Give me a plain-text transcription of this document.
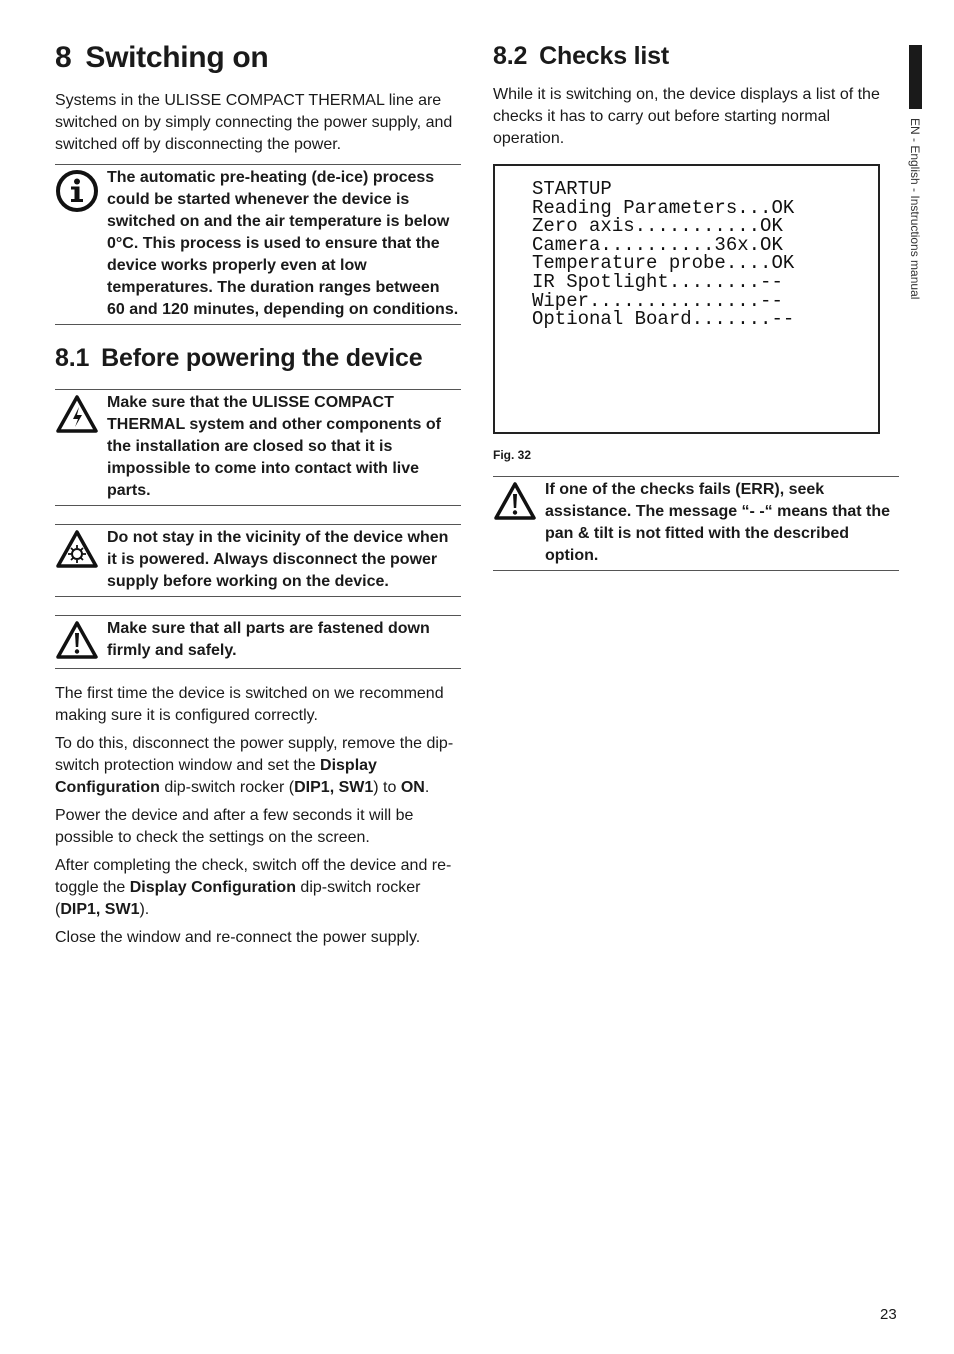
EN - English - Instructions manual
8 Switching on

Systems in the ULISSE COMPACT THERMAL line are switched on by simply connecting the power supply, and switched off by disconnecting the power.

The automatic pre-heating (de-ice) process could be started whenever the device is switched on and the air temperature is below 0°C. This process is used to ensure that the device works properly even at low temperatures. The duration ranges between 60 and 120 minutes, depending on conditions.
8.1 Before powering the device
Make sure that the ULISSE COMPACT THERMAL system and other components of the installation are closed so that it is impossible to come into contact with live parts.
Do not stay in the vicinity of the device when it is powered. Always disconnect the power supply before working on the device.
Make sure that all parts are fastened down firmly and safely.

The first time the device is switched on we recommend making sure it is configured correctly.

To do this, disconnect the power supply, remove the dip-switch protection window and set the Display Configuration dip-switch rocker (DIP1, SW1) to ON.

Power the device and after a few seconds it will be possible to check the settings on the screen.

After completing the check, switch off the device and re-toggle the Display Configuration dip-switch rocker (DIP1, SW1).

Close the window and re-connect the power supply.

8.2 Checks list

While it is switching on, the device displays a list of the checks it has to carry out before starting normal operation.

STARTUP
Reading Parameters...OK
Zero axis...........OK
Camera..........36x.OK
Temperature probe....OK
IR Spotlight........--
Wiper...............--
Optional Board.......--
Fig. 32
If one of the checks fails (ERR), seek assistance. The message “- -“ means that the pan & tilt is not fitted with the described option.
23
